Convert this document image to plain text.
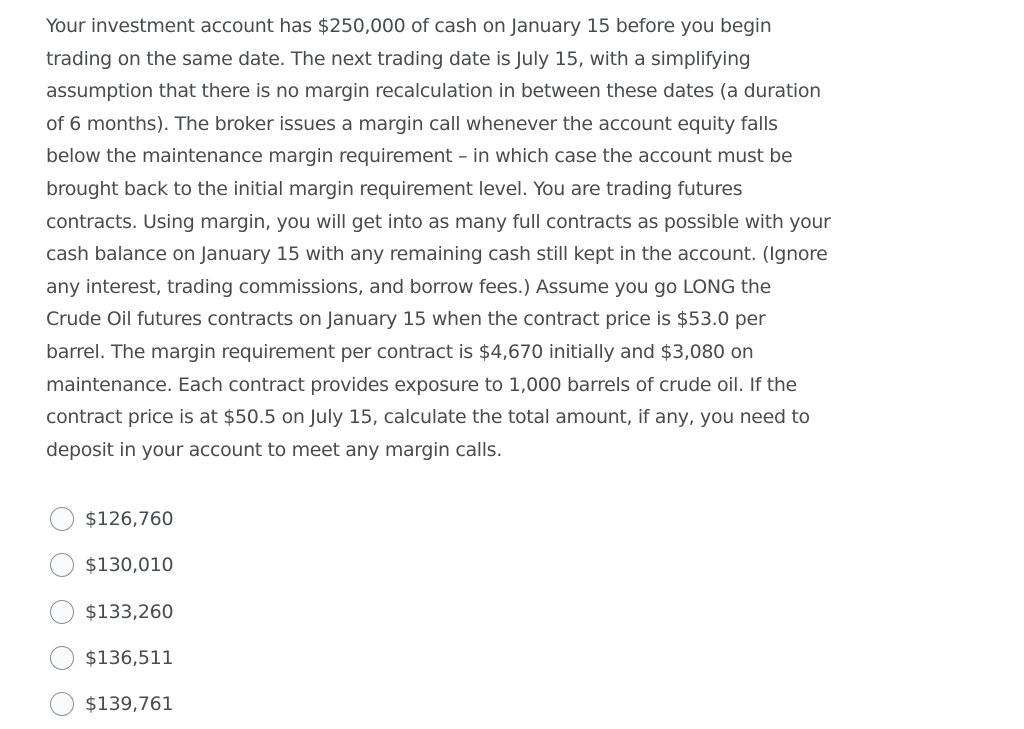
Your investment account has $250,000 of cash on January 15 before you begin
trading on the same date. The next trading date is July 15, with a simplifying
assumption that there is no margin recalculation in between these dates (a duration
of 6 months). The broker issues a margin call whenever the account equity falls
below the maintenance margin requirement – in which case the account must be
brought back to the initial margin requirement level. You are trading futures
contracts. Using margin, you will get into as many full contracts as possible with your
cash balance on January 15 with any remaining cash still kept in the account. (Ignore
any interest, trading commissions, and borrow fees.) Assume you go LONG the
Crude Oil futures contracts on January 15 when the contract price is $53.0 per
barrel. The margin requirement per contract is $4,670 initially and $3,080 on
maintenance. Each contract provides exposure to 1,000 barrels of crude oil. If the
contract price is at $50.5 on July 15, calculate the total amount, if any, you need to
deposit in your account to meet any margin calls.
$126,760
$130,010
$133,260
$136,511
$139,761
